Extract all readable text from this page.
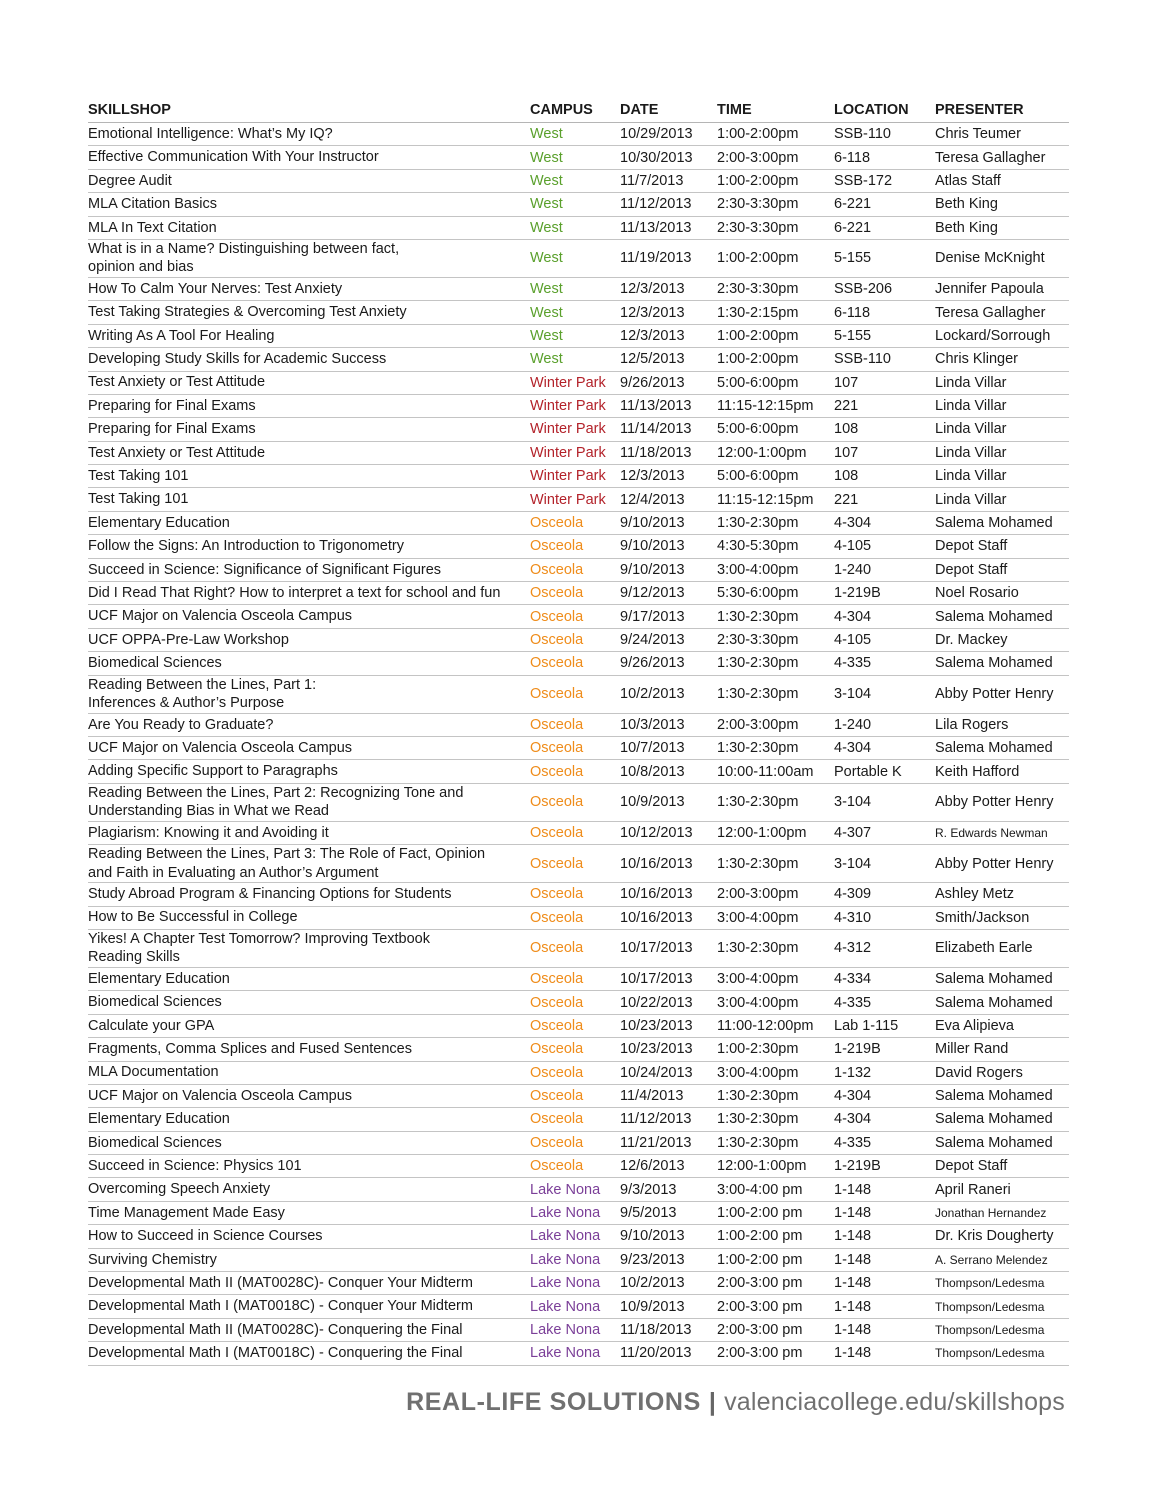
SKILLSHOP	CAMPUS	DATE	TIME	LOCATION	PRESENTER
Emotional Intelligence: What’s My IQ?	West	10/29/2013	1:00-2:00pm	SSB-110	Chris Teumer
Effective Communication With Your Instructor	West	10/30/2013	2:00-3:00pm	6-118	Teresa Gallagher
Degree Audit	West	11/7/2013	1:00-2:00pm	SSB-172	Atlas Staff
MLA Citation Basics	West	11/12/2013	2:30-3:30pm	6-221	Beth King
MLA In Text Citation	West	11/13/2013	2:30-3:30pm	6-221	Beth King
What is in a Name? Distinguishing between fact,
opinion and bias	West	11/19/2013	1:00-2:00pm	5-155	Denise McKnight
How To Calm Your Nerves: Test Anxiety	West	12/3/2013	2:30-3:30pm	SSB-206	Jennifer Papoula
Test Taking Strategies & Overcoming Test Anxiety	West	12/3/2013	1:30-2:15pm	6-118	Teresa Gallagher
Writing As A Tool For Healing	West	12/3/2013	1:00-2:00pm	5-155	Lockard/Sorrough
Developing Study Skills for Academic Success	West	12/5/2013	1:00-2:00pm	SSB-110	Chris Klinger
Test Anxiety or Test Attitude	Winter Park	9/26/2013	5:00-6:00pm	107	Linda Villar
Preparing for Final Exams	Winter Park	11/13/2013	11:15-12:15pm	221	Linda Villar
Preparing for Final Exams	Winter Park	11/14/2013	5:00-6:00pm	108	Linda Villar
Test Anxiety or Test Attitude	Winter Park	11/18/2013	12:00-1:00pm	107	Linda Villar
Test Taking 101	Winter Park	12/3/2013	5:00-6:00pm	108	Linda Villar
Test Taking 101	Winter Park	12/4/2013	11:15-12:15pm	221	Linda Villar
Elementary Education	Osceola	9/10/2013	1:30-2:30pm	4-304	Salema Mohamed
Follow the Signs: An Introduction to Trigonometry	Osceola	9/10/2013	4:30-5:30pm	4-105	Depot Staff
Succeed in Science: Significance of Significant Figures	Osceola	9/10/2013	3:00-4:00pm	1-240	Depot Staff
Did I Read That Right? How to interpret a text for school and fun	Osceola	9/12/2013	5:30-6:00pm	1-219B	Noel Rosario
UCF Major on Valencia Osceola Campus	Osceola	9/17/2013	1:30-2:30pm	4-304	Salema Mohamed
UCF OPPA-Pre-Law Workshop	Osceola	9/24/2013	2:30-3:30pm	4-105	Dr. Mackey
Biomedical Sciences	Osceola	9/26/2013	1:30-2:30pm	4-335	Salema Mohamed
Reading Between the Lines, Part 1:
Inferences & Author’s Purpose	Osceola	10/2/2013	1:30-2:30pm	3-104	Abby Potter Henry
Are You Ready to Graduate?	Osceola	10/3/2013	2:00-3:00pm	1-240	Lila Rogers
UCF Major on Valencia Osceola Campus	Osceola	10/7/2013	1:30-2:30pm	4-304	Salema Mohamed
Adding Specific Support to Paragraphs	Osceola	10/8/2013	10:00-11:00am	Portable K	Keith Hafford
Reading Between the Lines, Part 2: Recognizing Tone and
Understanding Bias in What we Read	Osceola	10/9/2013	1:30-2:30pm	3-104	Abby Potter Henry
Plagiarism: Knowing it and Avoiding it	Osceola	10/12/2013	12:00-1:00pm	4-307	R. Edwards Newman
Reading Between the Lines, Part 3: The Role of Fact, Opinion
and Faith in Evaluating an Author’s Argument	Osceola	10/16/2013	1:30-2:30pm	3-104	Abby Potter Henry
Study Abroad Program & Financing Options for Students	Osceola	10/16/2013	2:00-3:00pm	4-309	Ashley Metz
How to Be Successful in College	Osceola	10/16/2013	3:00-4:00pm	4-310	Smith/Jackson
Yikes! A Chapter Test Tomorrow? Improving Textbook
Reading Skills	Osceola	10/17/2013	1:30-2:30pm	4-312	Elizabeth Earle
Elementary Education	Osceola	10/17/2013	3:00-4:00pm	4-334	Salema Mohamed
Biomedical Sciences	Osceola	10/22/2013	3:00-4:00pm	4-335	Salema Mohamed
Calculate your GPA	Osceola	10/23/2013	11:00-12:00pm	Lab 1-115	Eva Alipieva
Fragments, Comma Splices and Fused Sentences	Osceola	10/23/2013	1:00-2:30pm	1-219B	Miller Rand
MLA Documentation	Osceola	10/24/2013	3:00-4:00pm	1-132	David Rogers
UCF Major on Valencia Osceola Campus	Osceola	11/4/2013	1:30-2:30pm	4-304	Salema Mohamed
Elementary Education	Osceola	11/12/2013	1:30-2:30pm	4-304	Salema Mohamed
Biomedical Sciences	Osceola	11/21/2013	1:30-2:30pm	4-335	Salema Mohamed
Succeed in Science: Physics 101	Osceola	12/6/2013	12:00-1:00pm	1-219B	Depot Staff
Overcoming Speech Anxiety	Lake Nona	9/3/2013	3:00-4:00 pm	1-148	April Raneri
Time Management Made Easy	Lake Nona	9/5/2013	1:00-2:00 pm	1-148	Jonathan Hernandez
How to Succeed in Science Courses	Lake Nona	9/10/2013	1:00-2:00 pm	1-148	Dr. Kris Dougherty
Surviving Chemistry	Lake Nona	9/23/2013	1:00-2:00 pm	1-148	A. Serrano Melendez
Developmental Math II (MAT0028C)- Conquer Your Midterm	Lake Nona	10/2/2013	2:00-3:00 pm	1-148	Thompson/Ledesma
Developmental Math I (MAT0018C) - Conquer Your Midterm	Lake Nona	10/9/2013	2:00-3:00 pm	1-148	Thompson/Ledesma
Developmental Math II (MAT0028C)- Conquering the Final	Lake Nona	11/18/2013	2:00-3:00 pm	1-148	Thompson/Ledesma
Developmental Math I (MAT0018C) - Conquering the Final	Lake Nona	11/20/2013	2:00-3:00 pm	1-148	Thompson/Ledesma
REAL-LIFE SOLUTIONS | valenciacollege.edu/skillshops
